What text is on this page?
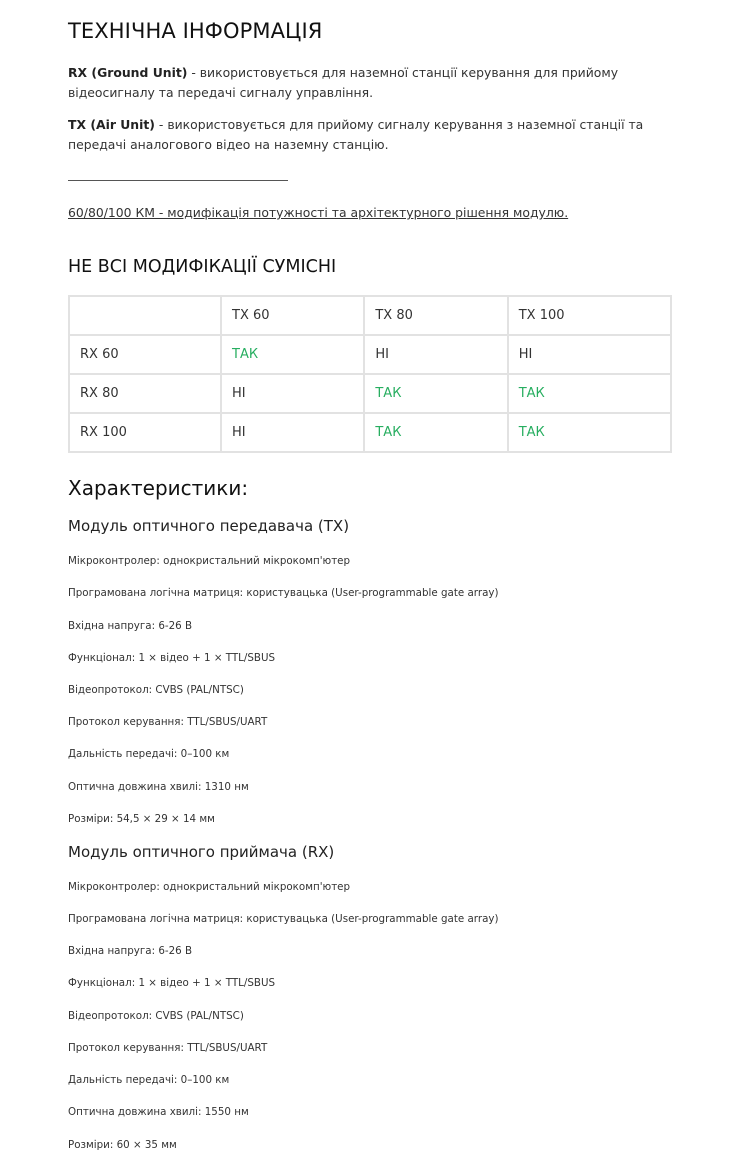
ТЕХНІЧНА ІНФОРМАЦІЯ
RX (Ground Unit) - використовується для наземної станції керування для прийому відеосигналу та передачі сигналу управління.
TX (Air Unit) - використовується для прийому сигналу керування з наземної станції та передачі аналогового відео на наземну станцію.
60/80/100 КМ - модифікація потужності та архітектурного рішення модулю.
НЕ ВСІ МОДИФІКАЦІЇ СУМІСНІ
	TX 60	TX 80	TX 100
RX 60	ТАК	НІ	НІ
RX 80	НІ	ТАК	ТАК
RX 100	НІ	ТАК	ТАК
Характеристики:
Модуль оптичного передавача (TX)
Мікроконтролер: однокристальний мікрокомп'ютер
Програмована логічна матриця: користувацька (User-programmable gate array)
Вхідна напруга: 6-26 В
Функціонал: 1 × відео + 1 × TTL/SBUS
Відеопротокол: CVBS (PAL/NTSC)
Протокол керування: TTL/SBUS/UART
Дальність передачі: 0–100 км
Оптична довжина хвилі: 1310 нм
Розміри: 54,5 × 29 × 14 мм
Модуль оптичного приймача (RX)
Мікроконтролер: однокристальний мікрокомп'ютер
Програмована логічна матриця: користувацька (User-programmable gate array)
Вхідна напруга: 6-26 В
Функціонал: 1 × відео + 1 × TTL/SBUS
Відеопротокол: CVBS (PAL/NTSC)
Протокол керування: TTL/SBUS/UART
Дальність передачі: 0–100 км
Оптична довжина хвилі: 1550 нм
Розміри: 60 × 35 мм
